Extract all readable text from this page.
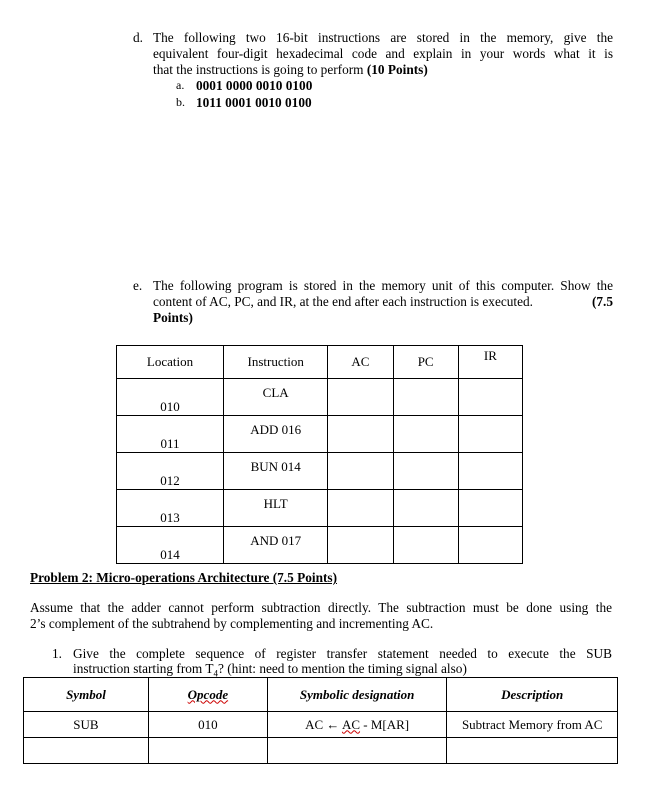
d. The following two 16-bit instructions are stored in the memory, give the
equivalent four-digit hexadecimal code and explain in your words what it is
that the instructions is going to perform (10 Points)
a. 0001 0000 0010 0100
b. 1011 0001 0010 0100
e. The following program is stored in the memory unit of this computer. Show the
content of AC, PC, and IR, at the end after each instruction is executed.	(7.5
Points)
Location	Instruction	AC	PC	IR
010	CLA			
011	ADD 016			
012	BUN 014			
013	HLT			
014	AND 017			
Problem 2: Micro-operations Architecture (7.5 Points)
Assume that the adder cannot perform subtraction directly. The subtraction must be done using the
2’s complement of the subtrahend by complementing and incrementing AC.
1. Give the complete sequence of register transfer statement needed to execute the SUB
instruction starting from $T_4$? (hint: need to mention the timing signal also)
Symbol	Opcode	Symbolic designation	Description
SUB	010	AC ← AC - M[AR]	Subtract Memory from AC
